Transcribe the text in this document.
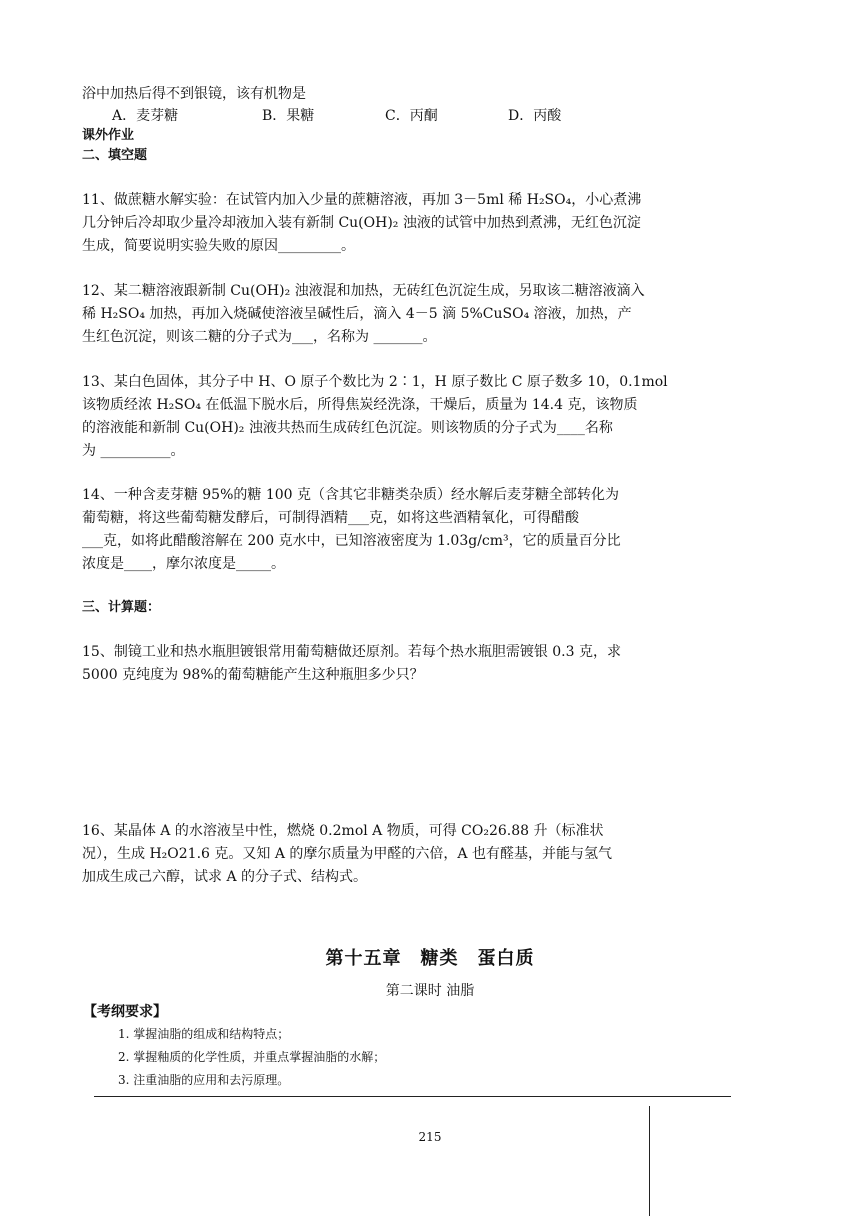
浴中加热后得不到银镜，该有机物是
A．麦芽糖	B．果糖	C．丙酮	D．丙酸
课外作业
二、填空题
11、做蔗糖水解实验：在试管内加入少量的蔗糖溶液，再加 3－5ml 稀 H₂SO₄，小心煮沸
几分钟后冷却取少量冷却液加入装有新制 Cu(OH)₂ 浊液的试管中加热到煮沸，无红色沉淀
生成，简要说明实验失败的原因_________。
12、某二糖溶液跟新制 Cu(OH)₂ 浊液混和加热，无砖红色沉淀生成，另取该二糖溶液滴入
稀 H₂SO₄ 加热，再加入烧碱使溶液呈碱性后，滴入 4－5 滴 5%CuSO₄ 溶液，加热，产
生红色沉淀，则该二糖的分子式为___，名称为 _______。
13、某白色固体，其分子中 H、O 原子个数比为 2∶1，H 原子数比 C 原子数多 10，0.1mol
该物质经浓 H₂SO₄ 在低温下脱水后，所得焦炭经洗涤，干燥后，质量为 14.4 克，该物质
的溶液能和新制 Cu(OH)₂ 浊液共热而生成砖红色沉淀。则该物质的分子式为____名称
为 __________。
14、一种含麦芽糖 95%的糖 100 克（含其它非糖类杂质）经水解后麦芽糖全部转化为
葡萄糖，将这些葡萄糖发酵后，可制得酒精___克，如将这些酒精氧化，可得醋酸
___克，如将此醋酸溶解在 200 克水中，已知溶液密度为 1.03g/cm³，它的质量百分比
浓度是____，摩尔浓度是_____。
三、计算题：
15、制镜工业和热水瓶胆镀银常用葡萄糖做还原剂。若每个热水瓶胆需镀银 0.3 克，求
5000 克纯度为 98%的葡萄糖能产生这种瓶胆多少只？
16、某晶体 A 的水溶液呈中性，燃烧 0.2mol A 物质，可得 CO₂26.88 升（标准状
况），生成 H₂O21.6 克。又知 A 的摩尔质量为甲醛的六倍，A 也有醛基，并能与氢气
加成生成己六醇，试求 A 的分子式、结构式。
第十五章　糖类　蛋白质
第二课时 油脂
【考纲要求】
1. 掌握油脂的组成和结构特点；
2. 掌握釉质的化学性质，并重点掌握油脂的水解；
3. 注重油脂的应用和去污原理。
215
